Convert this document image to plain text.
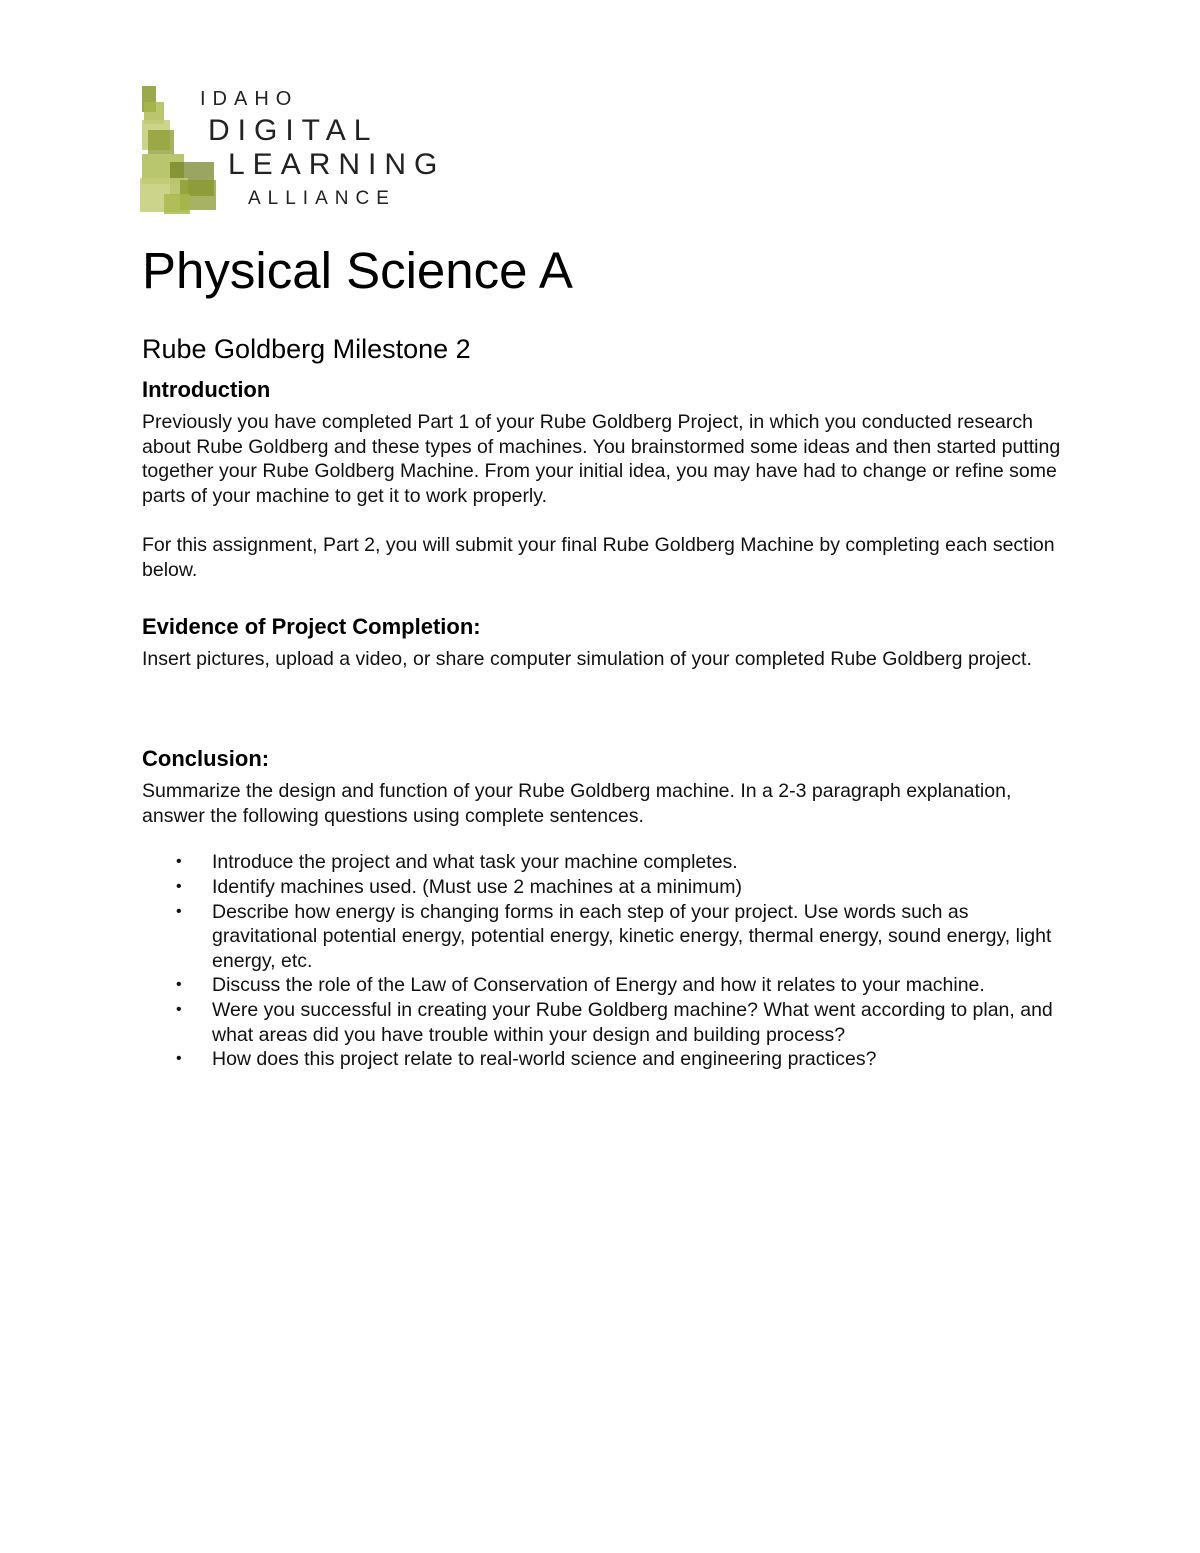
IDAHO
DIGITAL
LEARNING
ALLIANCE
Physical Science A
Rube Goldberg Milestone 2
Introduction

Previously you have completed Part 1 of your Rube Goldberg Project, in which you conducted research about Rube Goldberg and these types of machines. You brainstormed some ideas and then started putting together your Rube Goldberg Machine. From your initial idea, you may have had to change or refine some parts of your machine to get it to work properly.

For this assignment, Part 2, you will submit your final Rube Goldberg Machine by completing each section below.

Evidence of Project Completion:

Insert pictures, upload a video, or share computer simulation of your completed Rube Goldberg project.

Conclusion:

Summarize the design and function of your Rube Goldberg machine. In a 2-3 paragraph explanation, answer the following questions using complete sentences.

• Introduce the project and what task your machine completes.
• Identify machines used. (Must use 2 machines at a minimum)
• Describe how energy is changing forms in each step of your project. Use words such as gravitational potential energy, potential energy, kinetic energy, thermal energy, sound energy, light energy, etc.
• Discuss the role of the Law of Conservation of Energy and how it relates to your machine.
• Were you successful in creating your Rube Goldberg machine? What went according to plan, and what areas did you have trouble within your design and building process?
• How does this project relate to real-world science and engineering practices?
